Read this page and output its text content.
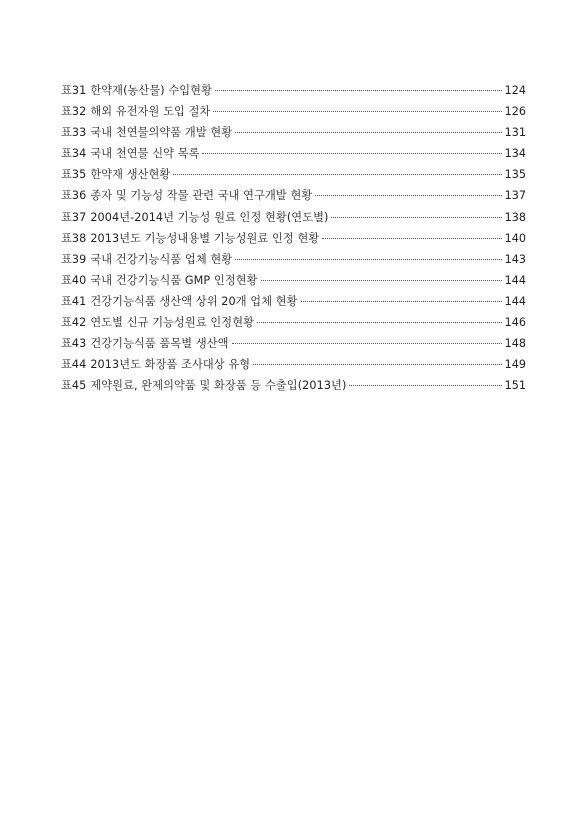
표31 한약재(농산물) 수입현황	124
표32 해외 유전자원 도입 절차	126
표33 국내 천연물의약품 개발 현황	131
표34 국내 천연물 신약 목록	134
표35 한약재 생산현황	135
표36 종자 및 기능성 작물 관련 국내 연구개발 현황	137
표37 2004년-2014년 기능성 원료 인정 현황(연도별)	138
표38 2013년도 기능성내용별 기능성원료 인정 현황	140
표39 국내 건강기능식품 업체 현황	143
표40 국내 건강기능식품 GMP 인정현황	144
표41 건강기능식품 생산액 상위 20개 업체 현황	144
표42 연도별 신규 기능성원료 인정현황	146
표43 건강기능식품 품목별 생산액	148
표44 2013년도 화장품 조사대상 유형	149
표45 제약원료, 완제의약품 및 화장품 등 수출입(2013년)	151
